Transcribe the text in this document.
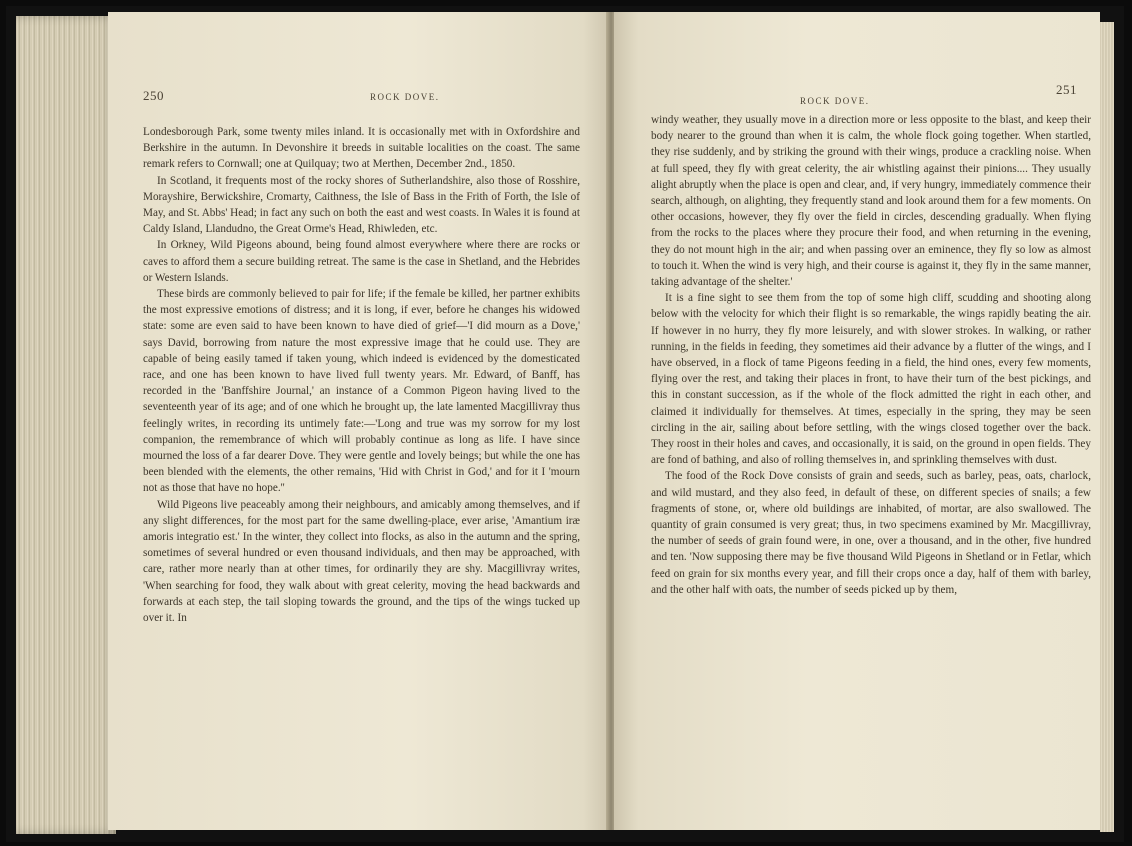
250	ROCK DOVE.	ROCK DOVE.
251

Londesborough Park, some twenty miles inland. It is occasionally met with in Oxfordshire and Berkshire in the autumn. In Devonshire it breeds in suitable localities on the coast. The same remark refers to Cornwall; one at Quilquay; two at Merthen, December 2nd., 1850.

In Scotland, it frequents most of the rocky shores of Sutherlandshire, also those of Rosshire, Morayshire, Berwickshire, Cromarty, Caithness, the Isle of Bass in the Frith of Forth, the Isle of May, and St. Abbs' Head; in fact any such on both the east and west coasts. In Wales it is found at Caldy Island, Llandudno, the Great Orme's Head, Rhiwleden, etc.

In Orkney, Wild Pigeons abound, being found almost everywhere where there are rocks or caves to afford them a secure building retreat. The same is the case in Shetland, and the Hebrides or Western Islands.

These birds are commonly believed to pair for life; if the female be killed, her partner exhibits the most expressive emotions of distress; and it is long, if ever, before he changes his widowed state: some are even said to have been known to have died of grief—'I did mourn as a Dove,' says David, borrowing from nature the most expressive image that he could use. They are capable of being easily tamed if taken young, which indeed is evidenced by the domesticated race, and one has been known to have lived full twenty years. Mr. Edward, of Banff, has recorded in the 'Banffshire Journal,' an instance of a Common Pigeon having lived to the seventeenth year of its age; and of one which he brought up, the late lamented Macgillivray thus feelingly writes, in recording its untimely fate:—'Long and true was my sorrow for my lost companion, the remembrance of which will probably continue as long as life. I have since mourned the loss of a far dearer Dove. They were gentle and lovely beings; but while the one has been blended with the elements, the other remains, 'Hid with Christ in God,' and for it I 'mourn not as those that have no hope.''

Wild Pigeons live peaceably among their neighbours, and amicably among themselves, and if any slight differences, for the most part for the same dwelling-place, ever arise, 'Amantium iræ amoris integratio est.' In the winter, they collect into flocks, as also in the autumn and the spring, sometimes of several hundred or even thousand individuals, and then may be approached, with care, rather more nearly than at other times, for ordinarily they are shy. Macgillivray writes, 'When searching for food, they walk about with great celerity, moving the head backwards and forwards at each step, the tail sloping towards the ground, and the tips of the wings tucked up over it. In

windy weather, they usually move in a direction more or less opposite to the blast, and keep their body nearer to the ground than when it is calm, the whole flock going together. When startled, they rise suddenly, and by striking the ground with their wings, produce a crackling noise. When at full speed, they fly with great celerity, the air whistling against their pinions.... They usually alight abruptly when the place is open and clear, and, if very hungry, immediately commence their search, although, on alighting, they frequently stand and look around them for a few moments. On other occasions, however, they fly over the field in circles, descending gradually. When flying from the rocks to the places where they procure their food, and when returning in the evening, they do not mount high in the air; and when passing over an eminence, they fly so low as almost to touch it. When the wind is very high, and their course is against it, they fly in the same manner, taking advantage of the shelter.'

It is a fine sight to see them from the top of some high cliff, scudding and shooting along below with the velocity for which their flight is so remarkable, the wings rapidly beating the air. If however in no hurry, they fly more leisurely, and with slower strokes. In walking, or rather running, in the fields in feeding, they sometimes aid their advance by a flutter of the wings, and I have observed, in a flock of tame Pigeons feeding in a field, the hind ones, every few moments, flying over the rest, and taking their places in front, to have their turn of the best pickings, and this in constant succession, as if the whole of the flock admitted the right in each other, and claimed it individually for themselves. At times, especially in the spring, they may be seen circling in the air, sailing about before settling, with the wings closed together over the back. They roost in their holes and caves, and occasionally, it is said, on the ground in open fields. They are fond of bathing, and also of rolling themselves in, and sprinkling themselves with dust.

The food of the Rock Dove consists of grain and seeds, such as barley, peas, oats, charlock, and wild mustard, and they also feed, in default of these, on different species of snails; a few fragments of stone, or, where old buildings are inhabited, of mortar, are also swallowed. The quantity of grain consumed is very great; thus, in two specimens examined by Mr. Macgillivray, the number of seeds of grain found were, in one, over a thousand, and in the other, five hundred and ten. 'Now supposing there may be five thousand Wild Pigeons in Shetland or in Fetlar, which feed on grain for six months every year, and fill their crops once a day, half of them with barley, and the other half with oats, the number of seeds picked up by them,
